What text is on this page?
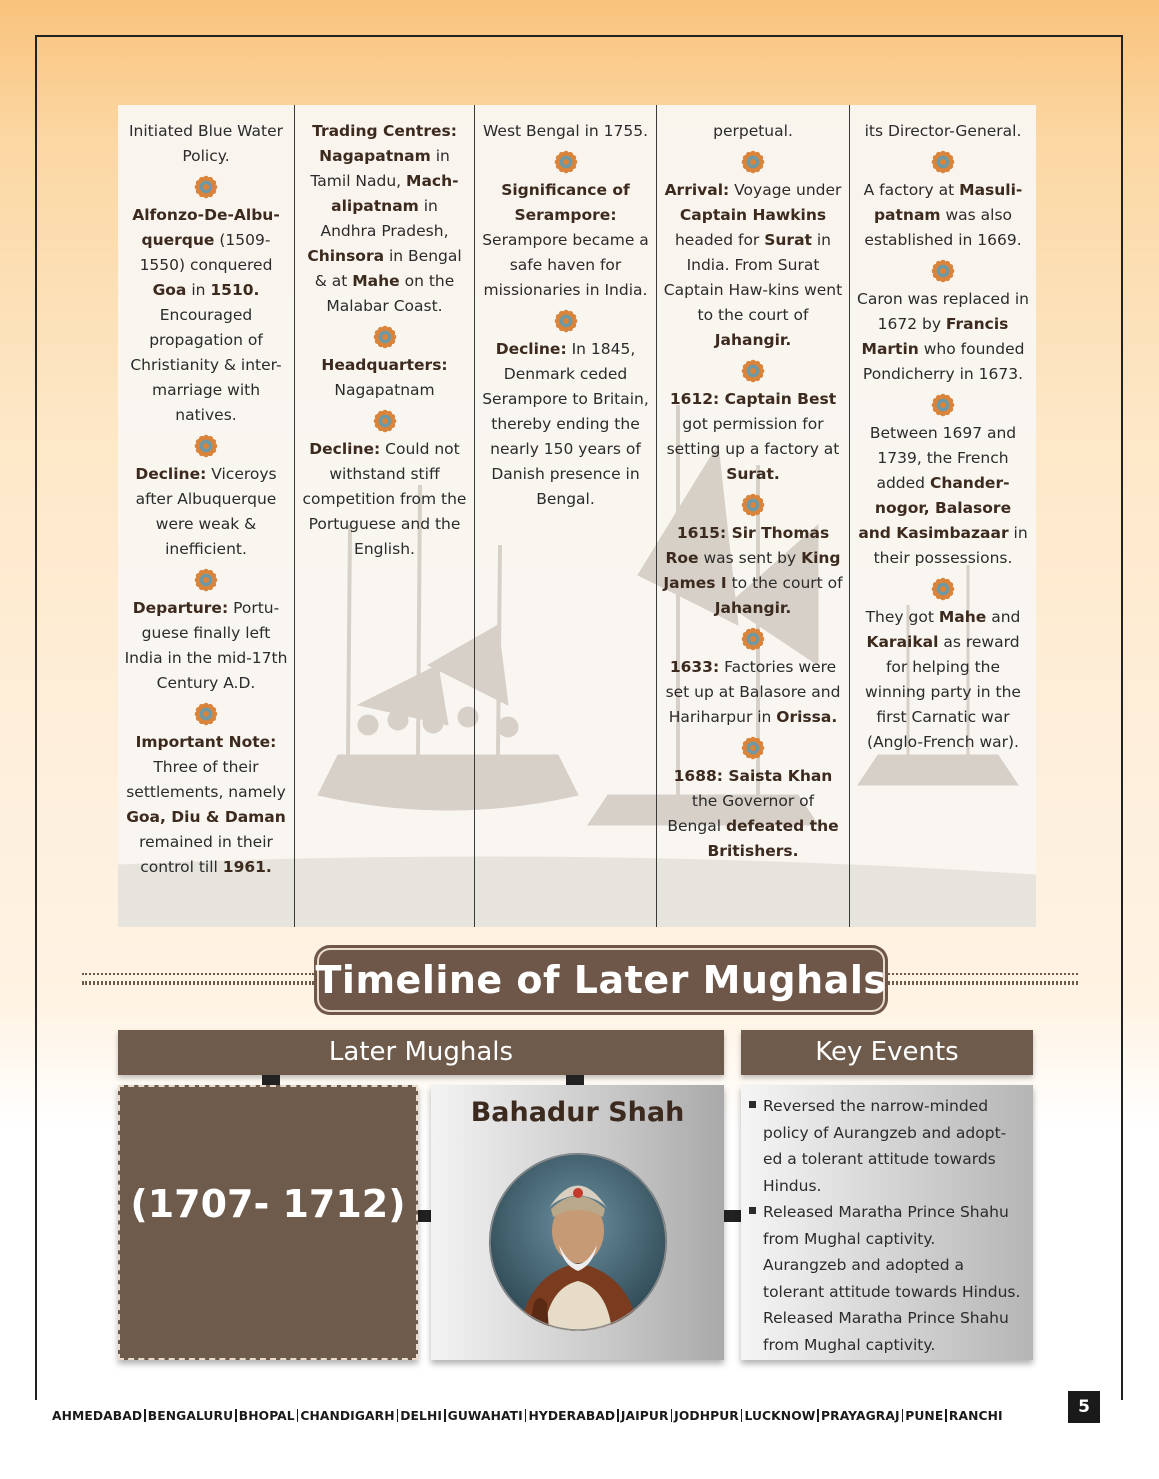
Initiated Blue Water Policy.

Alfonzo-De-Albu-querque (1509-1550) conquered Goa in 1510. Encouraged propagation of Christianity & inter-marriage with natives.

Decline: Viceroys after Albuquerque were weak & inefficient.

Departure: Portu-guese finally left India in the mid-17th Century A.D.

Important Note: Three of their settlements, namely Goa, Diu & Daman remained in their control till 1961.

Trading Centres: Nagapatnam in Tamil Nadu, Mach-alipatnam in Andhra Pradesh, Chinsora in Bengal & at Mahe on the Malabar Coast.

Headquarters: Nagapatnam

Decline: Could not withstand stiff competition from the Portuguese and the English.

West Bengal in 1755.

Significance of Serampore: Serampore became a safe haven for missionaries in India.

Decline: In 1845, Denmark ceded Serampore to Britain, thereby ending the nearly 150 years of Danish presence in Bengal.

perpetual.

Arrival: Voyage under Captain Hawkins headed for Surat in India. From Surat Captain Haw-kins went to the court of Jahangir.

1612: Captain Best got permission for setting up a factory at Surat.

1615: Sir Thomas Roe was sent by King James I to the court of Jahangir.

1633: Factories were set up at Balasore and Hariharpur in Orissa.

1688: Saista Khan the Governor of Bengal defeated the Britishers.

its Director-General.

A factory at Masuli-patnam was also established in 1669.

Caron was replaced in 1672 by Francis Martin who founded Pondicherry in 1673.

Between 1697 and 1739, the French added Chander-nogor, Balasore and Kasimbazaar in their possessions.

They got Mahe and Karaikal as reward for helping the winning party in the first Carnatic war (Anglo-French war).

Timeline of Later Mughals
Later Mughals	Key Events
(1707- 1712)
Bahadur Shah	Reversed the narrow-minded policy of Aurangzeb and adopt-ed a tolerant attitude towards Hindus.
Released Maratha Prince Shahu from Mughal captivity.
Aurangzeb and adopted a tolerant attitude towards Hindus. Released Maratha Prince Shahu from Mughal captivity.
AHMEDABAD BENGALURU BHOPAL CHANDIGARH DELHI GUWAHATI HYDERABAD JAIPUR JODHPUR LUCKNOW PRAYAGRAJ PUNE RANCHI	5
